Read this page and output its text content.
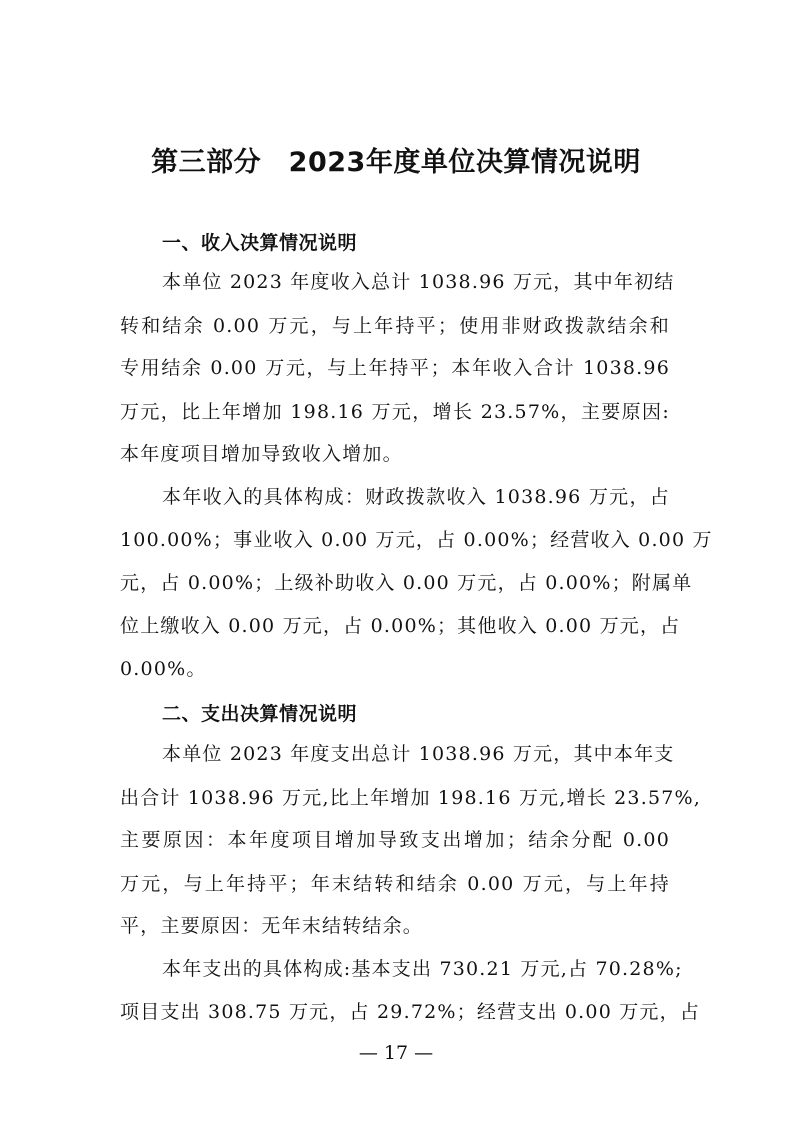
第三部分　2023年度单位决算情况说明
一、收入决算情况说明
本单位 2023 年度收入总计 1038.96 万元，其中年初结
转和结余 0.00 万元，与上年持平；使用非财政拨款结余和
专用结余 0.00 万元，与上年持平；本年收入合计 1038.96
万元，比上年增加 198.16 万元，增长 23.57%，主要原因:
本年度项目增加导致收入增加。
本年收入的具体构成：财政拨款收入 1038.96 万元，占
100.00%；事业收入 0.00 万元，占 0.00%；经营收入 0.00 万
元，占 0.00%；上级补助收入 0.00 万元，占 0.00%；附属单
位上缴收入 0.00 万元，占 0.00%；其他收入 0.00 万元，占
0.00%。
二、支出决算情况说明
本单位 2023 年度支出总计 1038.96 万元，其中本年支
出合计 1038.96 万元,比上年增加 198.16 万元,增长 23.57%,
主要原因：本年度项目增加导致支出增加；结余分配 0.00
万元，与上年持平；年末结转和结余 0.00 万元，与上年持
平，主要原因：无年末结转结余。
本年支出的具体构成:基本支出 730.21 万元,占 70.28%;
项目支出 308.75 万元，占 29.72%；经营支出 0.00 万元，占
— 17 —
